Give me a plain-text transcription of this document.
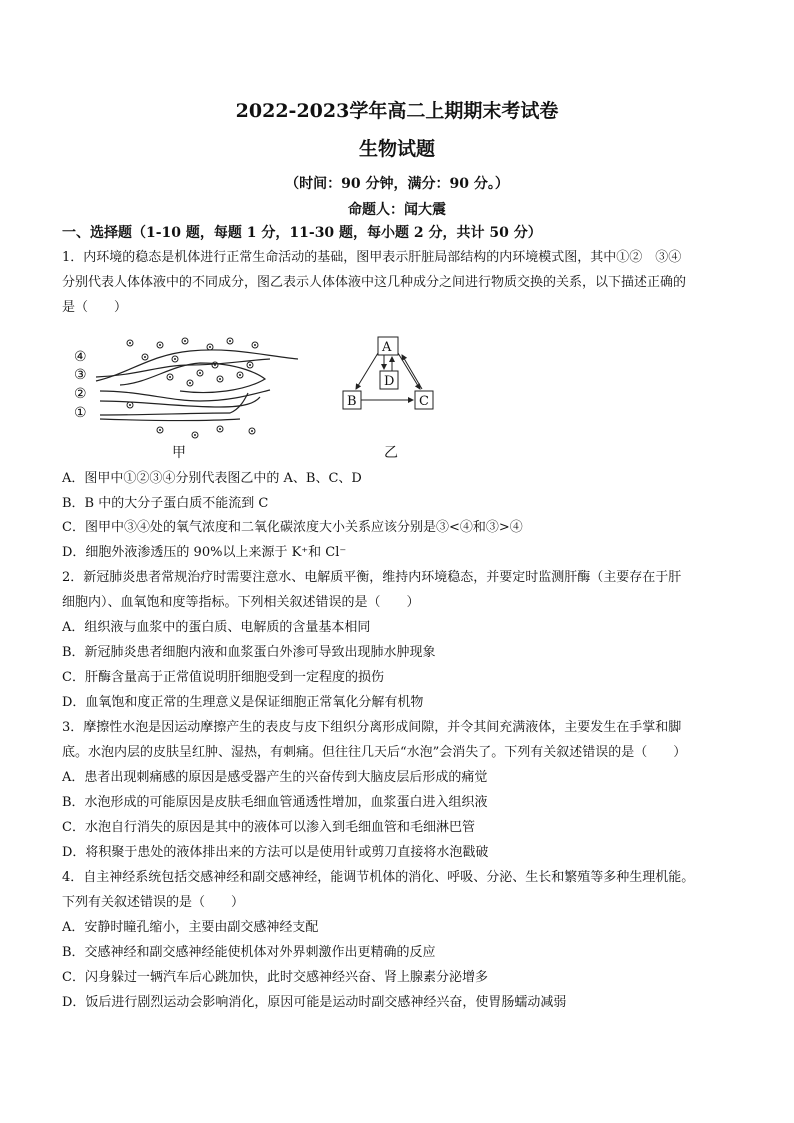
2022-2023学年高二上期期末考试卷
生物试题
（时间：90 分钟，满分：90 分。）
命题人：闻大震
一、选择题（1-10 题，每题 1 分，11-30 题，每小题 2 分，共计 50 分）
1．内环境的稳态是机体进行正常生命活动的基础，图甲表示肝脏局部结构的内环境模式图，其中①②　③④
分别代表人体体液中的不同成分，图乙表示人体体液中这几种成分之间进行物质交换的关系，以下描述正确的
是（　　）
④
③
②
①
A
D
B	C
甲	乙
A．图甲中①②③④分别代表图乙中的 A、B、C、D
B．B 中的大分子蛋白质不能流到 C
C．图甲中③④处的氧气浓度和二氧化碳浓度大小关系应该分别是③<④和③>④
D．细胞外液渗透压的 90%以上来源于 K⁺和 Cl⁻
2．新冠肺炎患者常规治疗时需要注意水、电解质平衡，维持内环境稳态，并要定时监测肝酶（主要存在于肝
细胞内）、血氧饱和度等指标。下列相关叙述错误的是（　　）
A．组织液与血浆中的蛋白质、电解质的含量基本相同
B．新冠肺炎患者细胞内液和血浆蛋白外渗可导致出现肺水肿现象
C．肝酶含量高于正常值说明肝细胞受到一定程度的损伤
D．血氧饱和度正常的生理意义是保证细胞正常氧化分解有机物
3．摩擦性水泡是因运动摩擦产生的表皮与皮下组织分离形成间隙，并令其间充满液体，主要发生在手掌和脚
底。水泡内层的皮肤呈红肿、湿热，有刺痛。但往往几天后“水泡”会消失了。下列有关叙述错误的是（　　）
A．患者出现刺痛感的原因是感受器产生的兴奋传到大脑皮层后形成的痛觉
B．水泡形成的可能原因是皮肤毛细血管通透性增加，血浆蛋白进入组织液
C．水泡自行消失的原因是其中的液体可以渗入到毛细血管和毛细淋巴管
D．将积聚于患处的液体排出来的方法可以是使用针或剪刀直接将水泡戳破
4．自主神经系统包括交感神经和副交感神经，能调节机体的消化、呼吸、分泌、生长和繁殖等多种生理机能。
下列有关叙述错误的是（　　）
A．安静时瞳孔缩小，主要由副交感神经支配
B．交感神经和副交感神经能使机体对外界刺激作出更精确的反应
C．闪身躲过一辆汽车后心跳加快，此时交感神经兴奋、肾上腺素分泌增多
D．饭后进行剧烈运动会影响消化，原因可能是运动时副交感神经兴奋，使胃肠蠕动减弱
